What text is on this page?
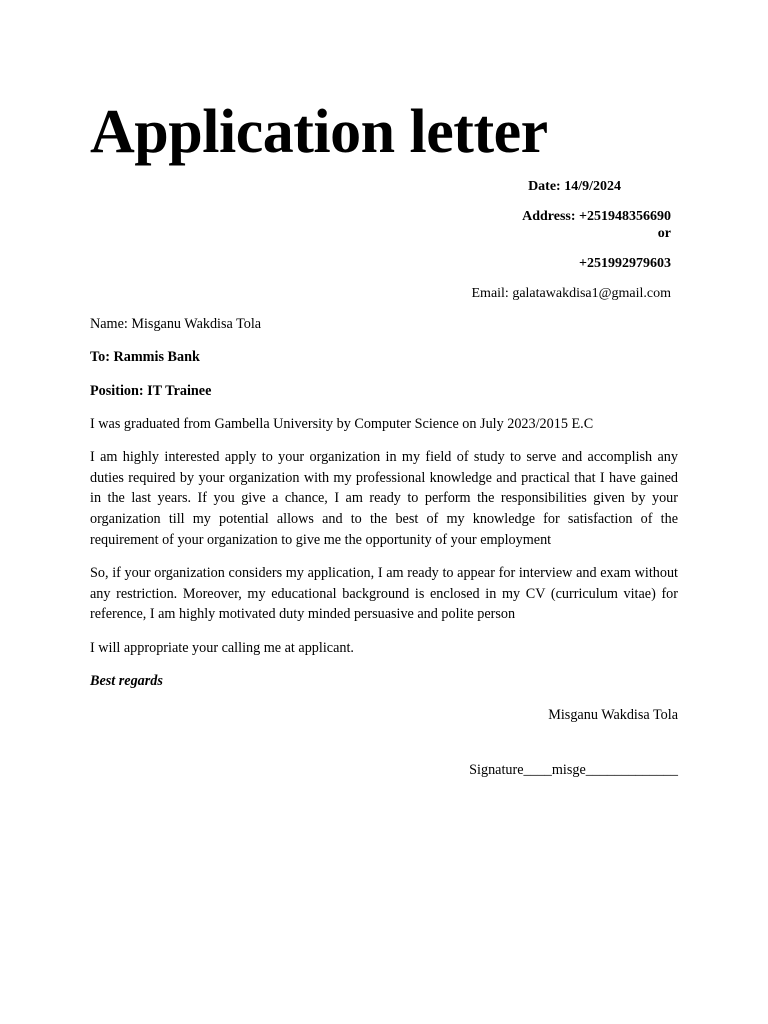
Application letter
Date: 14/9/2024
Address: +251948356690
or
+251992979603
Email: galatawakdisa1@gmail.com
Name: Misganu Wakdisa Tola
To: Rammis Bank
Position: IT Trainee
I was graduated from Gambella University by Computer Science on July 2023/2015 E.C

I am highly interested apply to your organization in my field of study to serve and accomplish any duties required by your organization with my professional knowledge and practical that I have gained in the last years. If you give a chance, I am ready to perform the responsibilities given by your organization till my potential allows and to the best of my knowledge for satisfaction of the requirement of your organization to give me the opportunity of your employment

So, if your organization considers my application, I am ready to appear for interview and exam without any restriction. Moreover, my educational background is enclosed in my CV (curriculum vitae) for reference, I am highly motivated duty minded persuasive and polite person

I will appropriate your calling me at applicant.
Best regards
Misganu Wakdisa Tola
Signature____misge_____________
